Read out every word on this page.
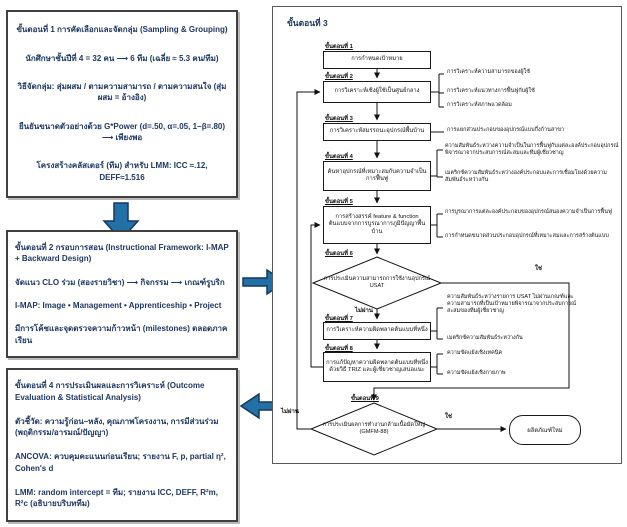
ขั้นตอนที่ 1 การคัดเลือกและจัดกลุ่ม (Sampling & Grouping)

นักศึกษาชั้นปีที่ 4 = 32 คน ⟶ 6 ทีม (เฉลี่ย ≈ 5.3 คน/ทีม)

วิธีจัดกลุ่ม: สุ่มผสม / ตามความสามารถ / ตามความสนใจ (สุ่มผสม = อ้างอิง)

ยืนยันขนาดตัวอย่างด้วย G*Power (d=.50, α=.05, 1−β=.80) ⟶ เพียงพอ

โครงสร้างคลัสเตอร์ (ทีม) สำหรับ LMM: ICC ≈.12, DEFF≈1.516

ขั้นตอนที่ 2 กรอบการสอน (Instructional Framework: I-MAP + Backward Design)

จัดแนว CLO ร่วม (สองรายวิชา) ⟶ กิจกรรม ⟶ เกณฑ์รูบริก

I-MAP: Image • Management • Apprenticeship • Project

มีการโค้ชและจุดตรวจความก้าวหน้า (milestones) ตลอดภาคเรียน

ขั้นตอนที่ 4 การประเมินผลและการวิเคราะห์ (Outcome Evaluation & Statistical Analysis)

ตัวชี้วัด: ความรู้ก่อน–หลัง, คุณภาพโครงงาน, การมีส่วนร่วม (พฤติกรรม/อารมณ์/ปัญญา)

ANCOVA: ควบคุมคะแนนก่อนเรียน; รายงาน F, p, partial η², Cohen's d

LMM: random intercept = ทีม; รายงาน ICC, DEFF, R²m, R²c (อธิบายบริบททีม)

ขั้นตอนที่ 3
ขั้นตอนที่ 1
ขั้นตอนที่ 2
ขั้นตอนที่ 3
ขั้นตอนที่ 4
ขั้นตอนที่ 5
ขั้นตอนที่ 6
ขั้นตอนที่ 7
ขั้นตอนที่ 8
ขั้นตอนที่ 9
การกำหนดเป้าหมาย
การวิเคราะห์เชิงผู้ใช้เป็นศูนย์กลาง
การวิเคราะห์สมรรถนะอุปกรณ์พื้นบ้าน
ค้นหาอุปกรณ์ที่เหมาะสมกับความจำเป็นการฟื้นฟู
การสร้างสรรค์ feature & function ต้นแบบจากการบูรณาการภูมิปัญญาพื้นบ้าน
การวิเคราะห์ความผิดพลาดต้นแบบที่หนึ่ง
การแก้ปัญหาความผิดพลาดต้นแบบที่หนึ่งด้วยวิธี TRIZ และผู้เชี่ยวชาญเสนอแนะ
การประเมินความสามารถการใช้งานอุปกรณ์ USAT
การประเมินผลการทำงานกล้ามเนื้อมัดใหญ่ (GMFM-88)	ผลิตภัณฑ์ใหม่
ใช่
ไม่ผ่าน
ใช่
ไม่ผ่าน
การวิเคราะห์ความสามารถของผู้ใช้
การวิเคราะห์แนวทางการฟื้นฟูกับผู้ใช้
การวิเคราะห์สภาพแวดล้อม
การแยกส่วนประกอบของอุปกรณ์แบบกึ่งก้านสาขา
ความสัมพันธ์ระหว่างความจำเป็นในการฟื้นฟูกับแต่ละองค์ประกอบอุปกรณ์พิจารณาจากประสบการณ์สะสมและทีมผู้เชี่ยวชาญ
เมตริกซ์ความสัมพันธ์ระหว่างองค์ประกอบและการเชื่อมโยงด้วยความสัมพันธ์ระหว่างกัน
การบูรณาการแต่ละองค์ประกอบของอุปกรณ์สนองความจำเป็นการฟื้นฟู
การกำหนดขนาดส่วนประกอบอุปกรณ์ที่เหมาะสมและการสร้างต้นแบบ
ความสัมพันธ์ระหว่างรายการ USAT ไม่ผ่านเกณฑ์และความสามารถที่เป็นเป้าหมายพิจารณาจากประสบการณ์สะสมของทีมผู้เชี่ยวชาญ
เมตริกซ์ความสัมพันธ์ระหว่างกัน
ความขัดแย้งเชิงเทคนิค
ความขัดแย้งเชิงกายภาพ
